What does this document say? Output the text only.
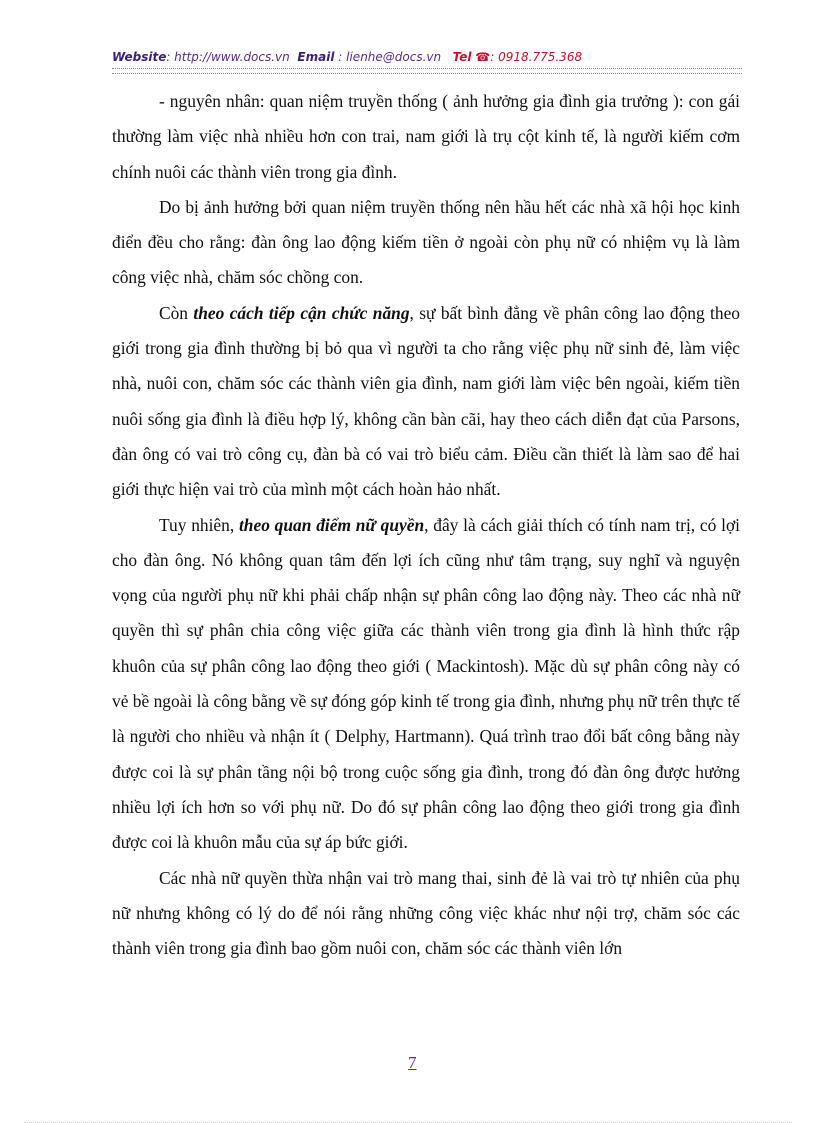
Website: http://www.docs.vn Email : lienhe@docs.vn Tel ☎: 0918.775.368

- nguyên nhân: quan niệm truyền thống ( ảnh hưởng gia đình gia trưởng ): con gái thường làm việc nhà nhiều hơn con trai, nam giới là trụ cột kinh tế, là người kiếm cơm chính nuôi các thành viên trong gia đình.

Do bị ảnh hưởng bởi quan niệm truyền thống nên hầu hết các nhà xã hội học kinh điển đều cho rằng: đàn ông lao động kiếm tiền ở ngoài còn phụ nữ có nhiệm vụ là làm công việc nhà, chăm sóc chồng con.

Còn theo cách tiếp cận chức năng, sự bất bình đẳng về phân công lao động theo giới trong gia đình thường bị bỏ qua vì người ta cho rằng việc phụ nữ sinh đẻ, làm việc nhà, nuôi con, chăm sóc các thành viên gia đình, nam giới làm việc bên ngoài, kiếm tiền nuôi sống gia đình là điều hợp lý, không cần bàn cãi, hay theo cách diễn đạt của Parsons, đàn ông có vai trò công cụ, đàn bà có vai trò biểu cảm. Điều cần thiết là làm sao để hai giới thực hiện vai trò của mình một cách hoàn hảo nhất.

Tuy nhiên, theo quan điểm nữ quyền, đây là cách giải thích có tính nam trị, có lợi cho đàn ông. Nó không quan tâm đến lợi ích cũng như tâm trạng, suy nghĩ và nguyện vọng của người phụ nữ khi phải chấp nhận sự phân công lao động này. Theo các nhà nữ quyền thì sự phân chia công việc giữa các thành viên trong gia đình là hình thức rập khuôn của sự phân công lao động theo giới ( Mackintosh). Mặc dù sự phân công này có vẻ bề ngoài là công bằng về sự đóng góp kinh tế trong gia đình, nhưng phụ nữ trên thực tế là người cho nhiều và nhận ít ( Delphy, Hartmann). Quá trình trao đổi bất công bằng này được coi là sự phân tầng nội bộ trong cuộc sống gia đình, trong đó đàn ông được hưởng nhiều lợi ích hơn so với phụ nữ. Do đó sự phân công lao động theo giới trong gia đình được coi là khuôn mẫu của sự áp bức giới.

Các nhà nữ quyền thừa nhận vai trò mang thai, sinh đẻ là vai trò tự nhiên của phụ nữ nhưng không có lý do để nói rằng những công việc khác như nội trợ, chăm sóc các thành viên trong gia đình bao gồm nuôi con, chăm sóc các thành viên lớn

7
